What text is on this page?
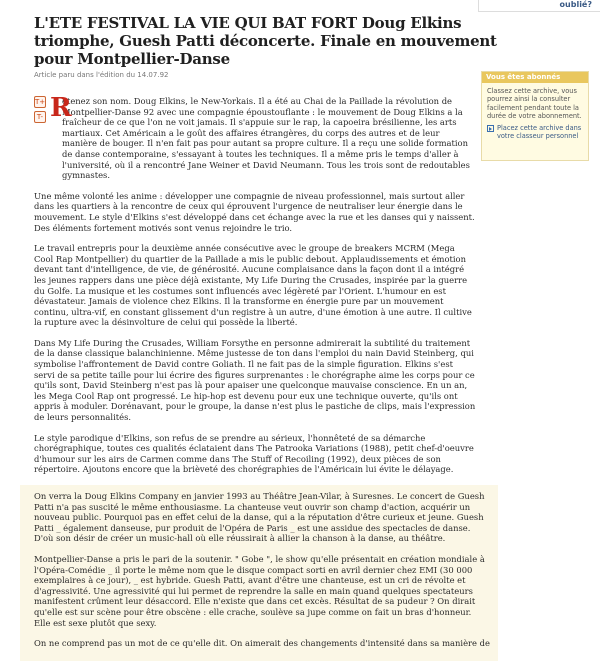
oublié?
L'ETE FESTIVAL LA VIE QUI BAT FORT Doug Elkins triomphe, Guesh Patti déconcerte. Finale en mouvement pour Montpellier-Danse
Article paru dans l'édition du 14.07.92
T+
T- R

etenez son nom. Doug Elkins, le New-Yorkais. Il a été au Chai de la Paillade la révolution de Montpellier-Danse 92 avec une compagnie époustouflante : le mouvement de Doug Elkins a la fraîcheur de ce que l'on ne voit jamais. Il s'appuie sur le rap, la capoeira brésilienne, les arts martiaux. Cet Américain a le goût des affaires étrangères, du corps des autres et de leur manière de bouger. Il n'en fait pas pour autant sa propre culture. Il a reçu une solide formation de danse contemporaine, s'essayant à toutes les techniques. Il a même pris le temps d'aller à l'université, où il a rencontré Jane Weiner et David Neumann. Tous les trois sont de redoutables gymnastes.

Une même volonté les anime : développer une compagnie de niveau professionnel, mais surtout aller dans les quartiers à la rencontre de ceux qui éprouvent l'urgence de neutraliser leur énergie dans le mouvement. Le style d'Elkins s'est développé dans cet échange avec la rue et les danses qui y naissent. Des éléments fortement motivés sont venus rejoindre le trio.

Le travail entrepris pour la deuxième année consécutive avec le groupe de breakers MCRM (Mega Cool Rap Montpellier) du quartier de la Paillade a mis le public debout. Applaudissements et émotion devant tant d'intelligence, de vie, de générosité. Aucune complaisance dans la façon dont il a intégré les jeunes rappers dans une pièce déjà existante, My Life During the Crusades, inspirée par la guerre du Golfe. La musique et les costumes sont influencés avec légèreté par l'Orient. L'humour en est dévastateur. Jamais de violence chez Elkins. Il la transforme en énergie pure par un mouvement continu, ultra-vif, en constant glissement d'un registre à un autre, d'une émotion à une autre. Il cultive la rupture avec la désinvolture de celui qui possède la liberté.

Dans My Life During the Crusades, William Forsythe en personne admirerait la subtilité du traitement de la danse classique balanchinienne. Même justesse de ton dans l'emploi du nain David Steinberg, qui symbolise l'affrontement de David contre Goliath. Il ne fait pas de la simple figuration. Elkins s'est servi de sa petite taille pour lui écrire des figures surprenantes : le chorégraphe aime les corps pour ce qu'ils sont, David Steinberg n'est pas là pour apaiser une quelconque mauvaise conscience. En un an, les Mega Cool Rap ont progressé. Le hip-hop est devenu pour eux une technique ouverte, qu'ils ont appris à moduler. Dorénavant, pour le groupe, la danse n'est plus le pastiche de clips, mais l'expression de leurs personnalités.

Le style parodique d'Elkins, son refus de se prendre au sérieux, l'honnêteté de sa démarche chorégraphique, toutes ces qualités éclataient dans The Patrooka Variations (1988), petit chef-d'oeuvre d'humour sur les airs de Carmen comme dans The Stuff of Recoiling (1992), deux pièces de son répertoire. Ajoutons encore que la brièveté des chorégraphies de l'Américain lui évite le délayage.

On verra la Doug Elkins Company en janvier 1993 au Théâtre Jean-Vilar, à Suresnes. Le concert de Guesh Patti n'a pas suscité le même enthousiasme. La chanteuse veut ouvrir son champ d'action, acquérir un nouveau public. Pourquoi pas en effet celui de la danse, qui a la réputation d'être curieux et jeune. Guesh Patti _ également danseuse, pur produit de l'Opéra de Paris _ est une assidue des spectacles de danse. D'où son désir de créer un music-hall où elle réussirait à allier la chanson à la danse, au théâtre.

Montpellier-Danse a pris le pari de la soutenir. " Gobe ", le show qu'elle présentait en création mondiale à l'Opéra-Comédie _ il porte le même nom que le disque compact sorti en avril dernier chez EMI (30 000 exemplaires à ce jour), _ est hybride. Guesh Patti, avant d'être une chanteuse, est un cri de révolte et d'agressivité. Une agressivité qui lui permet de reprendre la salle en main quand quelques spectateurs manifestent crûment leur désaccord. Elle n'existe que dans cet excès. Résultat de sa pudeur ? On dirait qu'elle est sur scène pour être obscène : elle crache, soulève sa jupe comme on fait un bras d'honneur. Elle est sexe plutôt que sexy.

On ne comprend pas un mot de ce qu'elle dit. On aimerait des changements d'intensité dans sa manière de

Vous êtes abonnés
Classez cette archive, vous pourrez ainsi la consulter facilement pendant toute la durée de votre abonnement.
Placez cette archive dans votre classeur personnel
